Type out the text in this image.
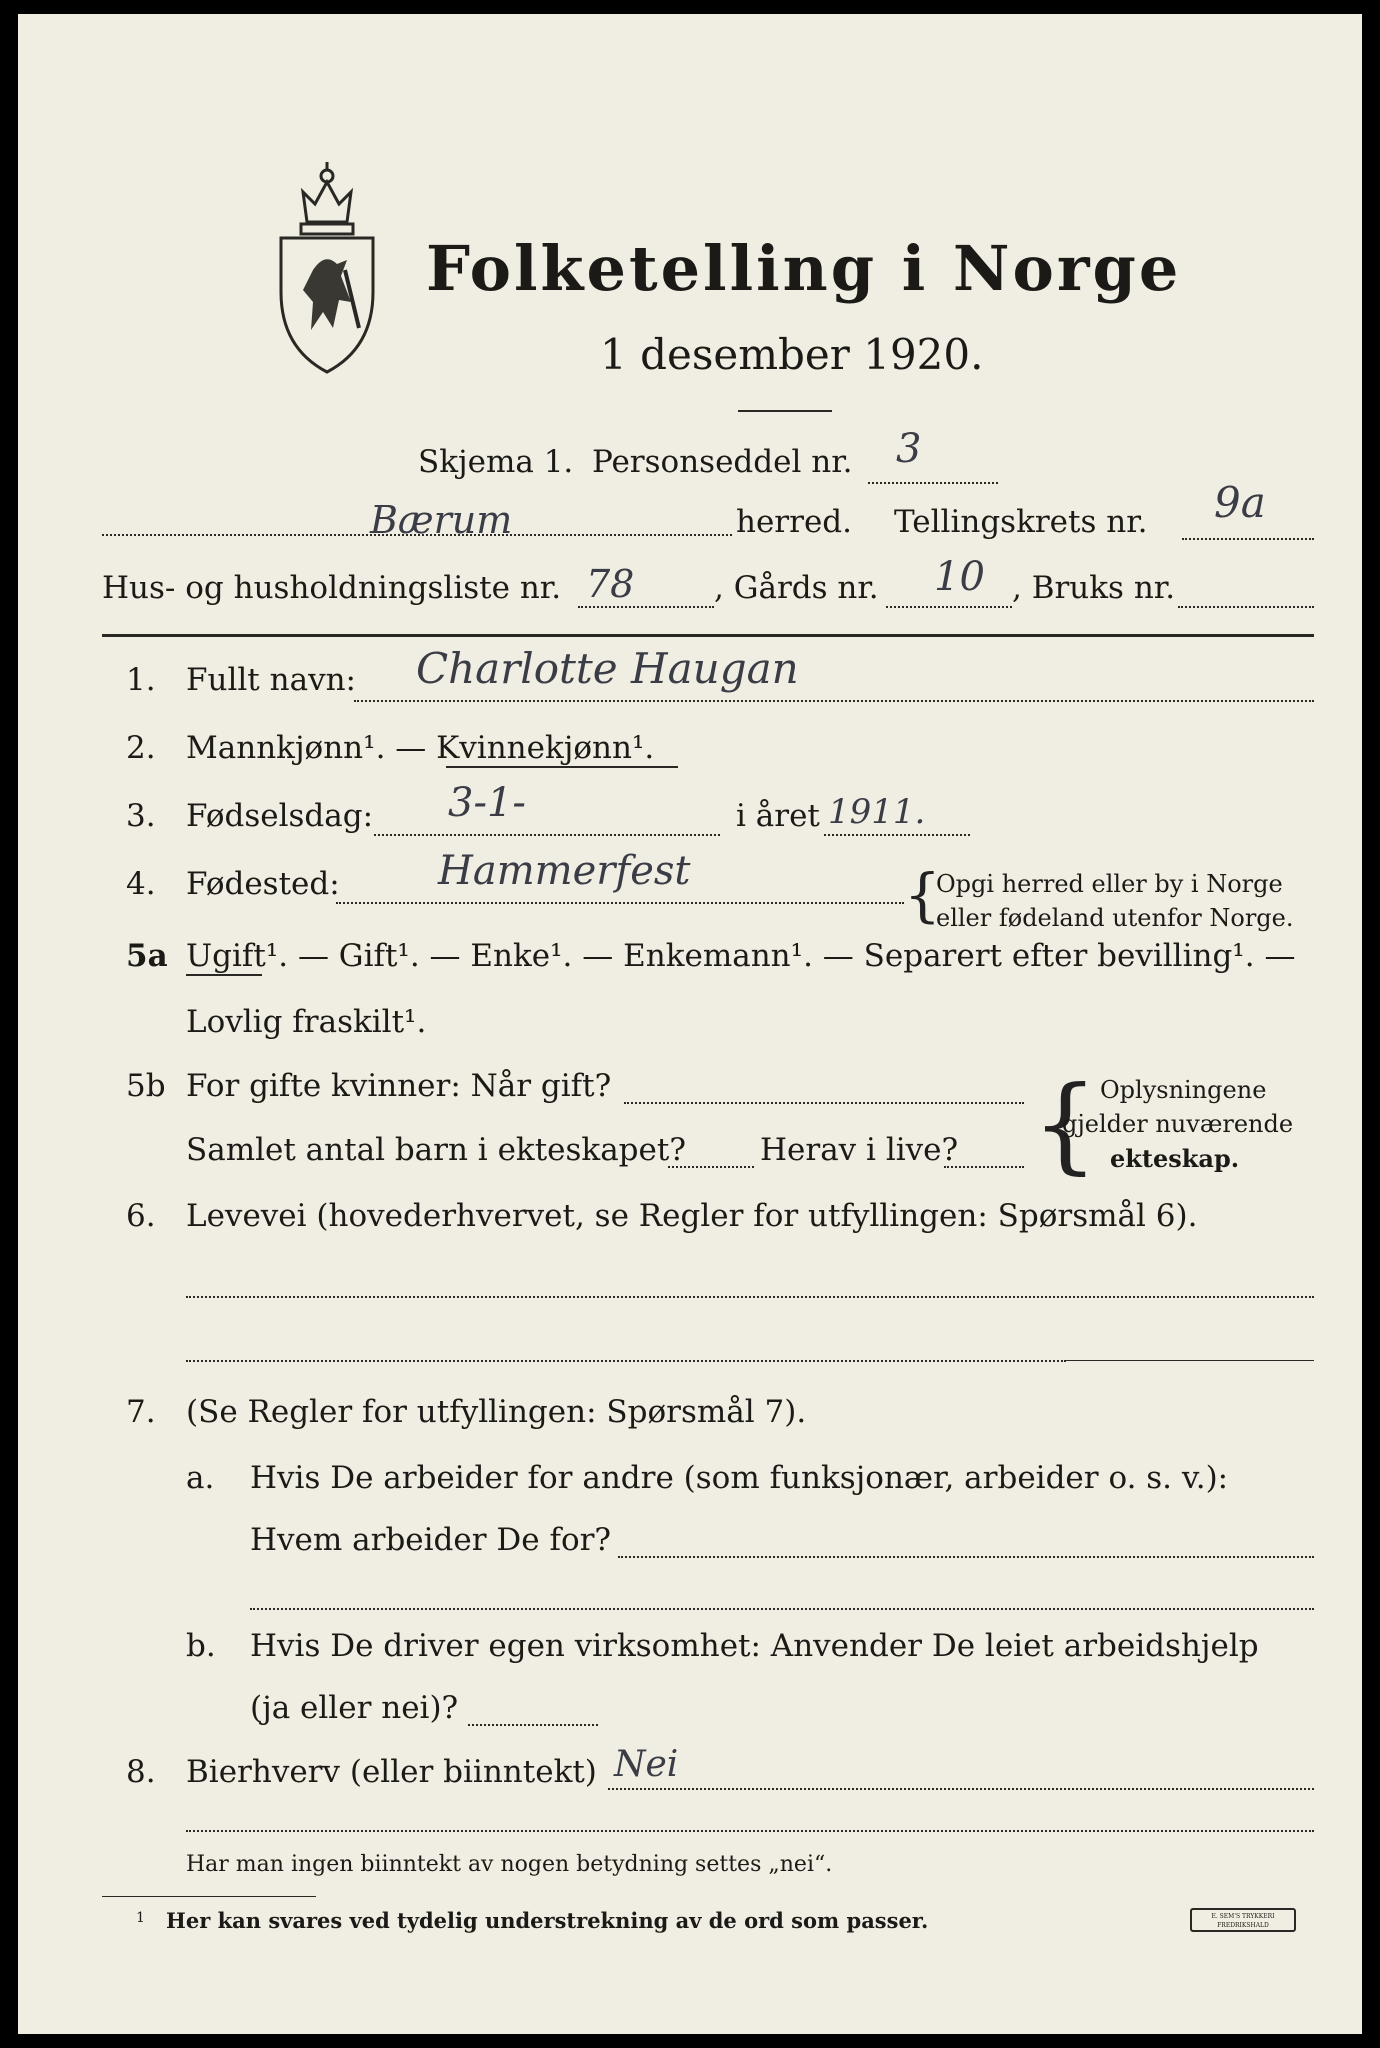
Folketelling i Norge
1 desember 1920.
Skjema 1. Personseddel nr. 3
Bærum	herred. Tellingskrets nr. 9a
Hus- og husholdningsliste nr. 78	, Gårds nr. 10 , Bruks nr.
1. Fullt navn: Charlotte Haugan
2. Mannkjønn¹. — Kvinnekjønn¹.
3. Fødselsdag: 3-1-	i året 1911.
4. Fødested: Hammerfest	{
Opgi herred eller by i Norge
eller fødeland utenfor Norge.
5a Ugift¹. — Gift¹. — Enke¹. — Enkemann¹. — Separert efter bevilling¹. —
Lovlig fraskilt¹.
5b For gifte kvinner: Når gift?
Samlet antal barn i ekteskapet? Herav i live? { Oplysningene
gjelder nuværende
ekteskap.
6. Levevei (hovederhvervet, se Regler for utfyllingen: Spørsmål 6).
7. (Se Regler for utfyllingen: Spørsmål 7).
a. Hvis De arbeider for andre (som funksjonær, arbeider o. s. v.):
Hvem arbeider De for?
b. Hvis De driver egen virksomhet: Anvender De leiet arbeidshjelp
(ja eller nei)?
8. Bierhverv (eller biinntekt) Nei
Har man ingen biinntekt av nogen betydning settes „nei“.
1 Her kan svares ved tydelig understrekning av de ord som passer.	E. SEM'S TRYKKERI
FREDRIKSHALD
